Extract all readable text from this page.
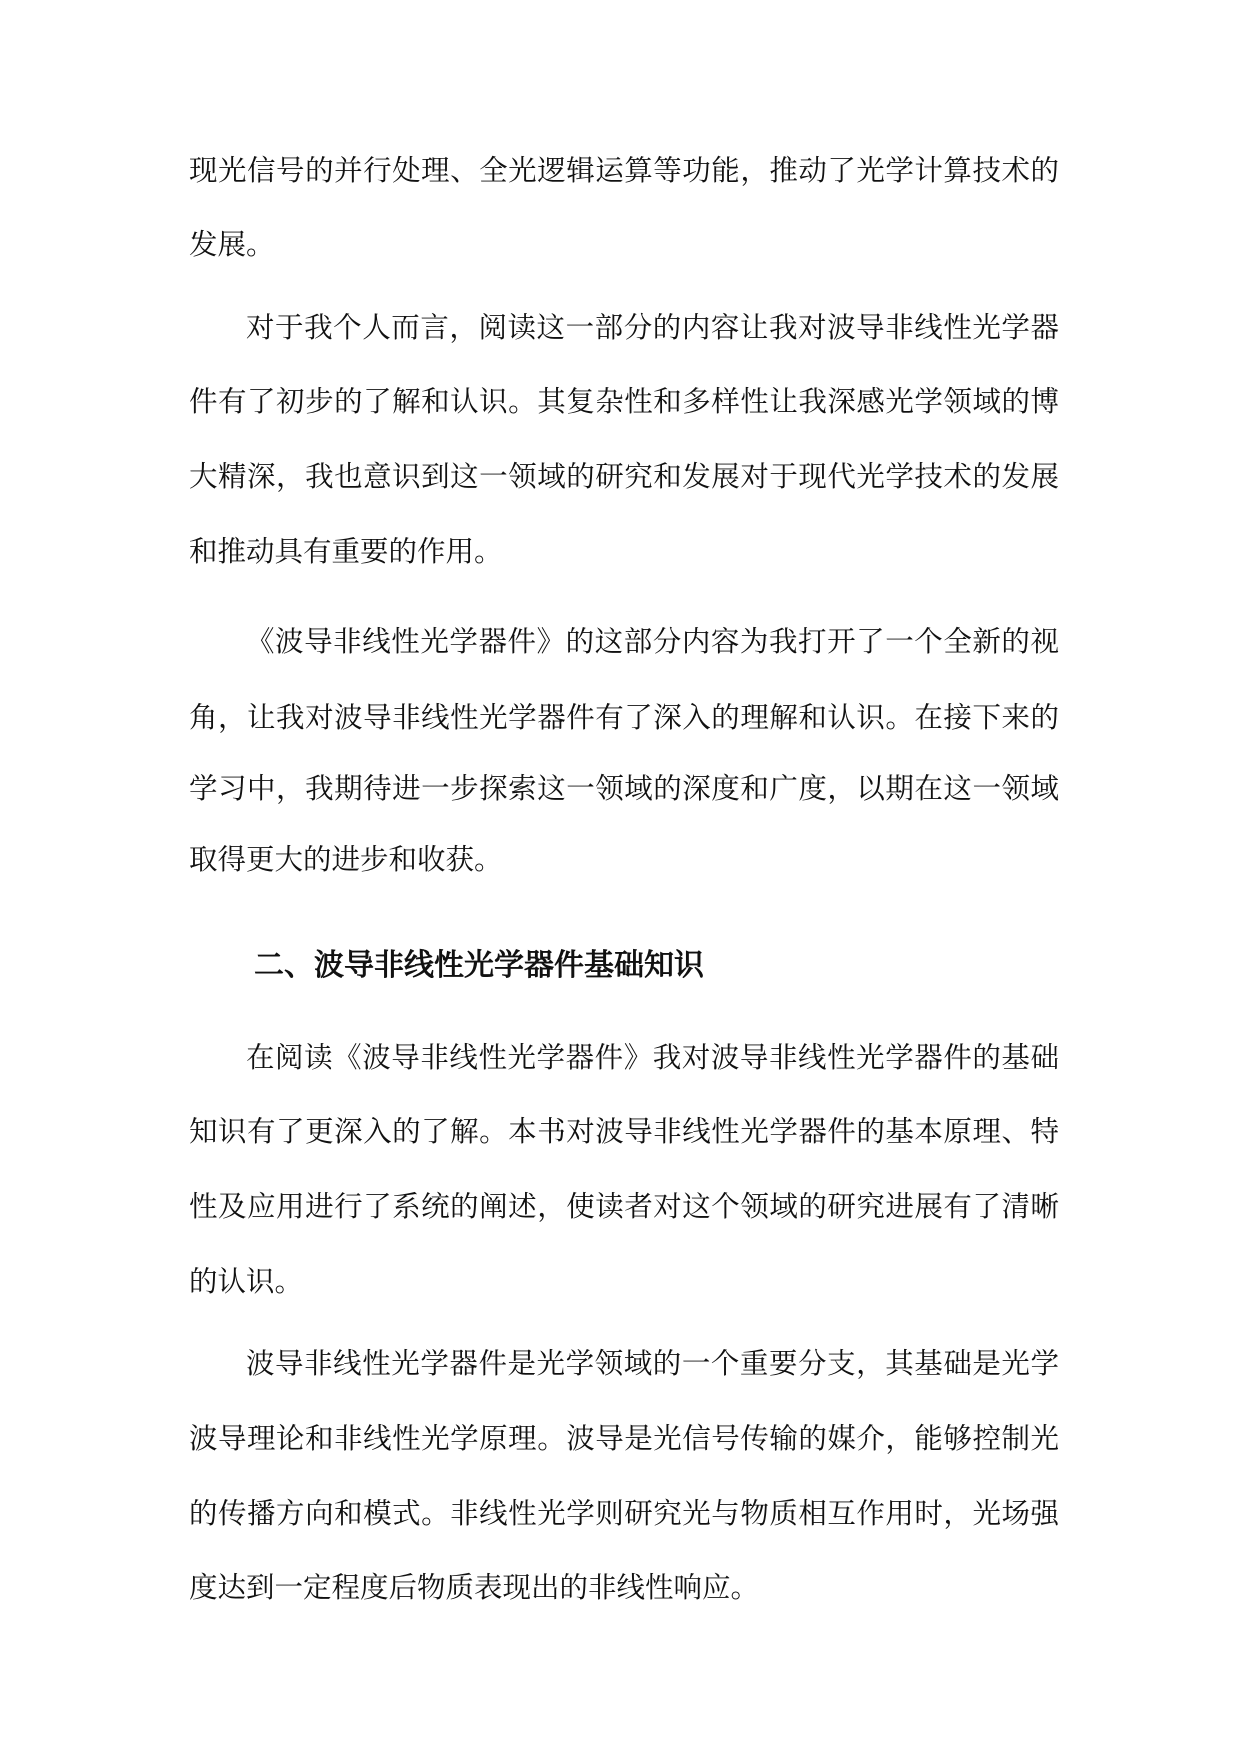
现光信号的并行处理、全光逻辑运算等功能，推动了光学计算技术的
发展。
对于我个人而言，阅读这一部分的内容让我对波导非线性光学器
件有了初步的了解和认识。其复杂性和多样性让我深感光学领域的博
大精深，我也意识到这一领域的研究和发展对于现代光学技术的发展
和推动具有重要的作用。
《波导非线性光学器件》的这部分内容为我打开了一个全新的视
角，让我对波导非线性光学器件有了深入的理解和认识。在接下来的
学习中，我期待进一步探索这一领域的深度和广度，以期在这一领域
二、波导非线性光学器件基础知识
在阅读《波导非线性光学器件》我对波导非线性光学器件的基础
知识有了更深入的了解。本书对波导非线性光学器件的基本原理、特
性及应用进行了系统的阐述，使读者对这个领域的研究进展有了清晰
的认识。
波导非线性光学器件是光学领域的一个重要分支，其基础是光学
波导理论和非线性光学原理。波导是光信号传输的媒介，能够控制光
的传播方向和模式。非线性光学则研究光与物质相互作用时，光场强
度达到一定程度后物质表现出的非线性响应。
取得更大的进步和收获。
